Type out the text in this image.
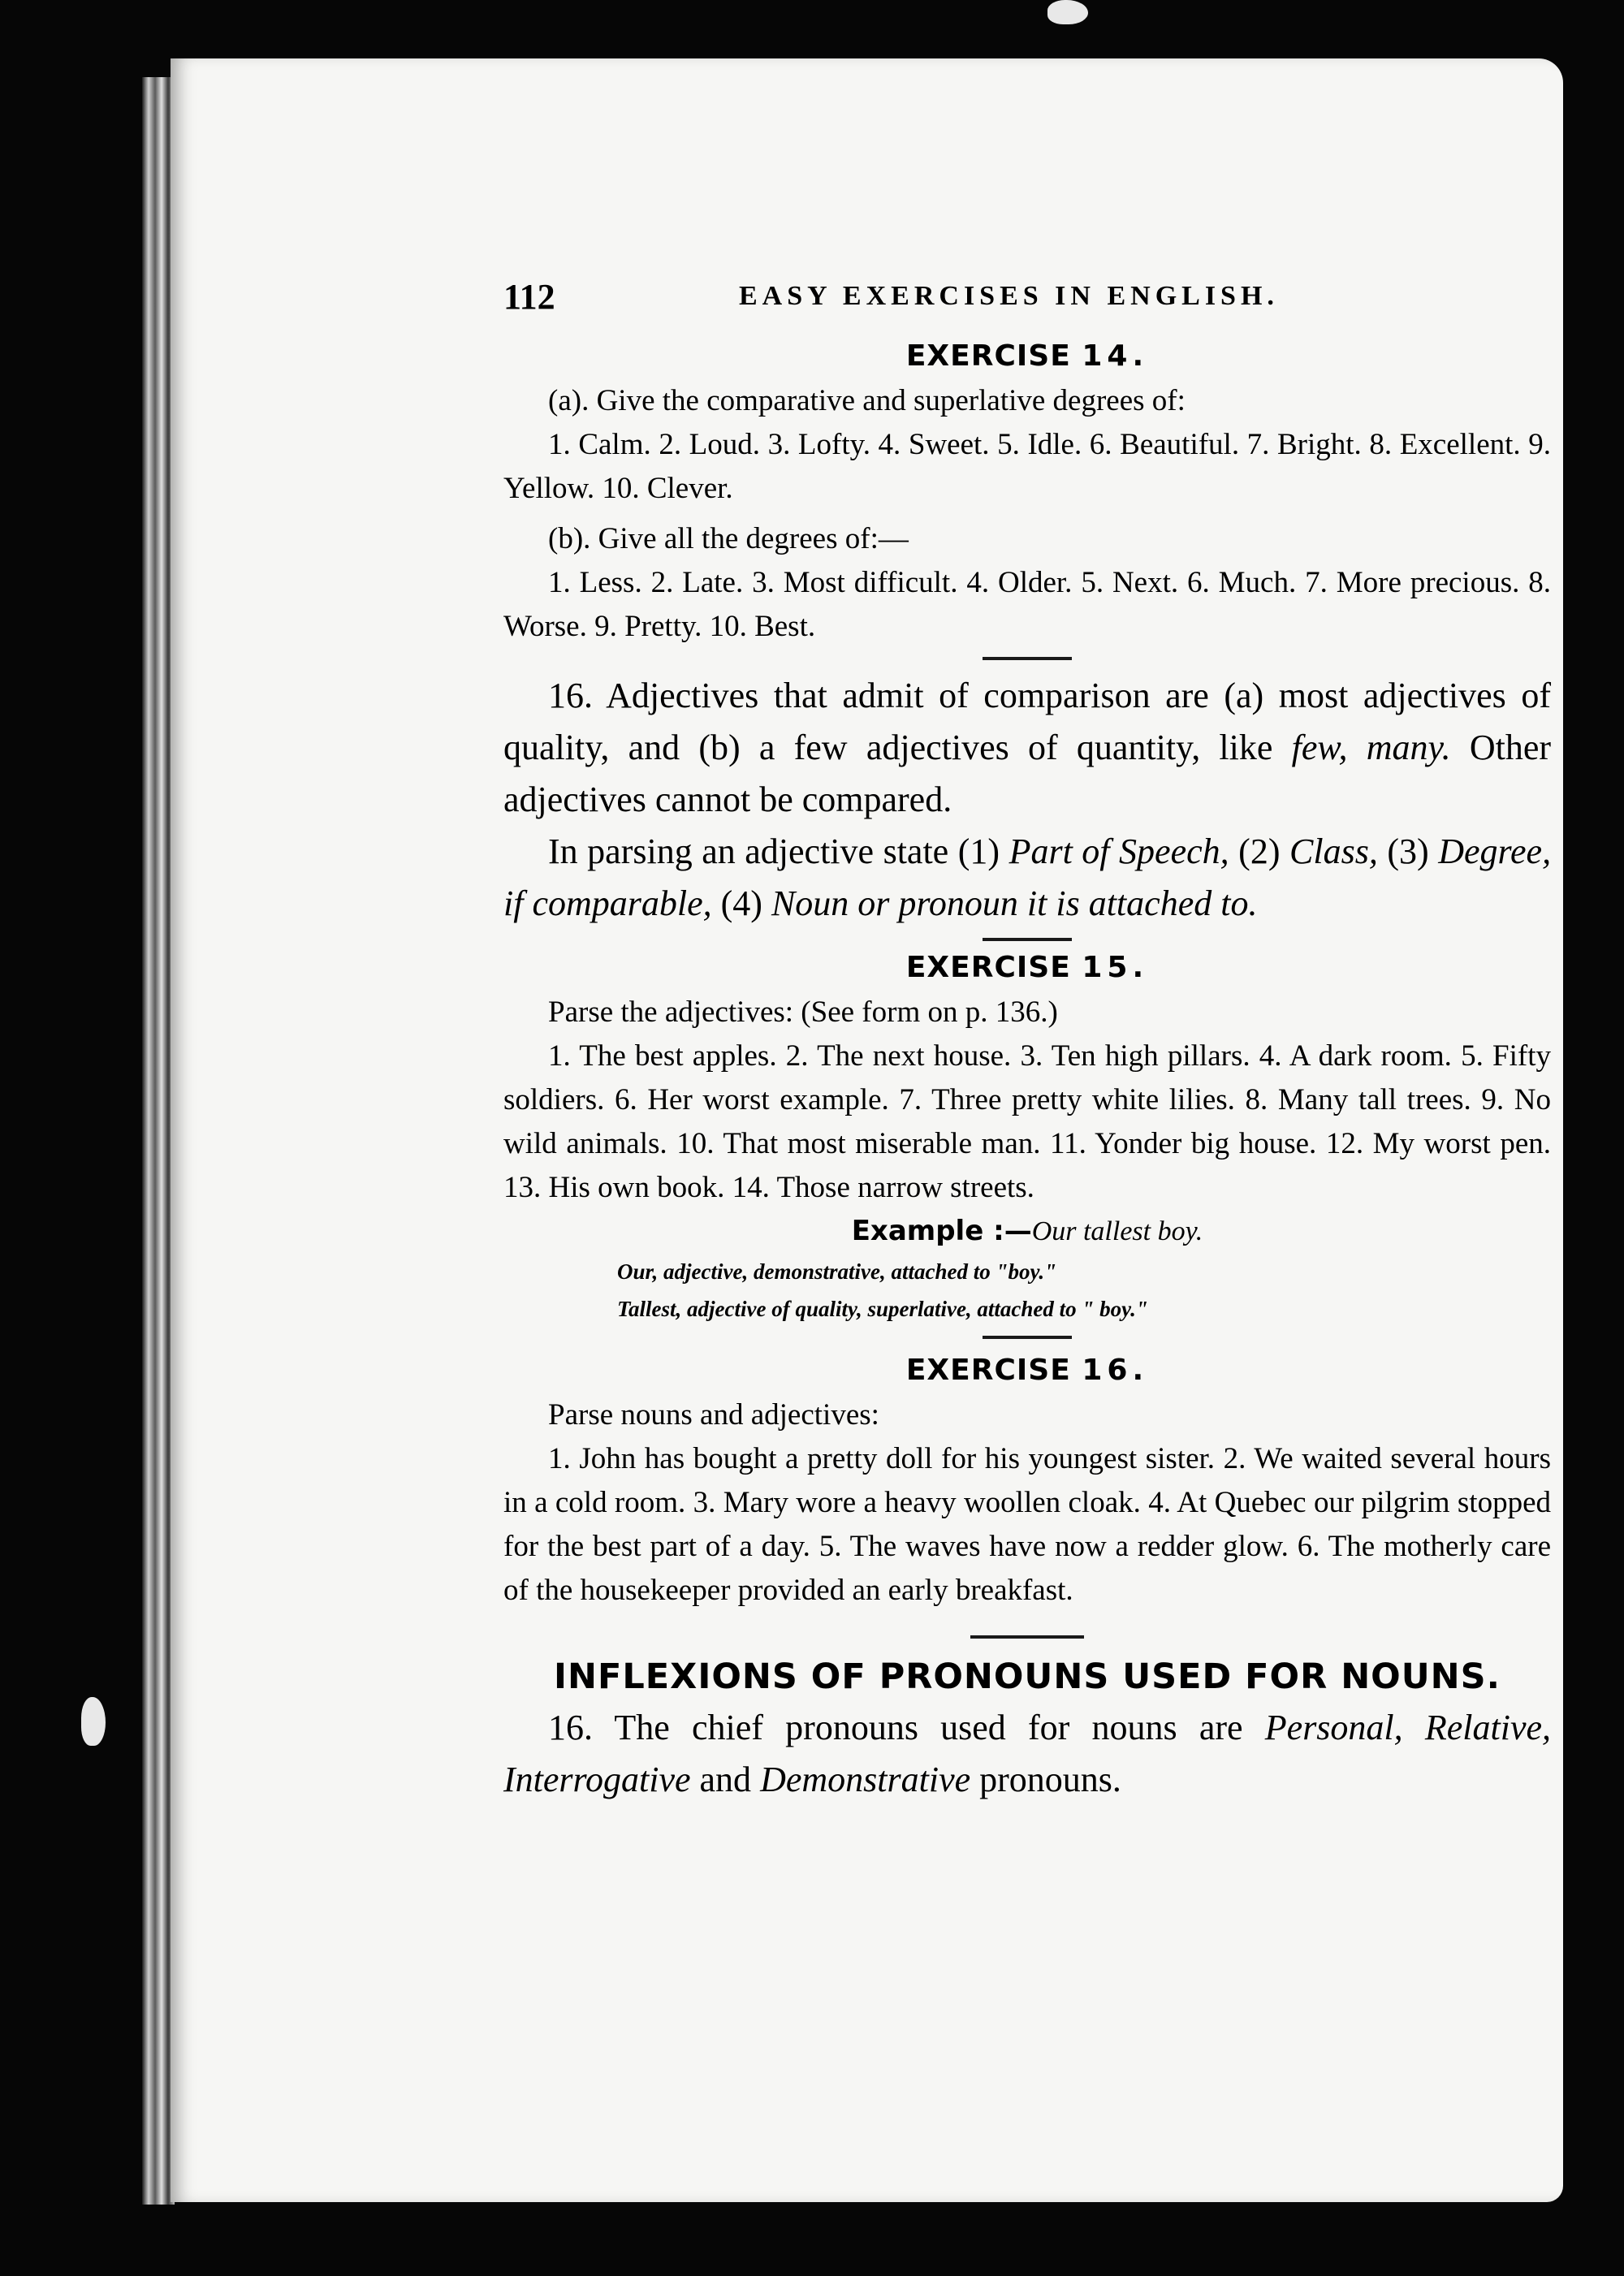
112	EASY EXERCISES IN ENGLISH.
EXERCISE 14.

(a). Give the comparative and superlative degrees of:

1. Calm. 2. Loud. 3. Lofty. 4. Sweet. 5. Idle. 6. Beautiful. 7. Bright. 8. Excellent. 9. Yellow. 10. Clever.

(b). Give all the degrees of:—

1. Less. 2. Late. 3. Most difficult. 4. Older. 5. Next. 6. Much. 7. More precious. 8. Worse. 9. Pretty. 10. Best.

16. Adjectives that admit of comparison are (a) most adjectives of quality, and (b) a few adjectives of quantity, like few, many. Other adjectives cannot be compared.

In parsing an adjective state (1) Part of Speech, (2) Class, (3) Degree, if comparable, (4) Noun or pronoun it is attached to.

EXERCISE 15.

Parse the adjectives: (See form on p. 136.)

1. The best apples. 2. The next house. 3. Ten high pillars. 4. A dark room. 5. Fifty soldiers. 6. Her worst example. 7. Three pretty white lilies. 8. Many tall trees. 9. No wild animals. 10. That most miserable man. 11. Yonder big house. 12. My worst pen. 13. His own book. 14. Those narrow streets.

Example :—Our tallest boy.

Our, adjective, demonstrative, attached to "boy."

Tallest, adjective of quality, superlative, attached to " boy."

EXERCISE 16.

Parse nouns and adjectives:

1. John has bought a pretty doll for his youngest sister. 2. We waited several hours in a cold room. 3. Mary wore a heavy woollen cloak. 4. At Quebec our pilgrim stopped for the best part of a day. 5. The waves have now a redder glow. 6. The motherly care of the housekeeper provided an early breakfast.

INFLEXIONS OF PRONOUNS USED FOR NOUNS.

16. The chief pronouns used for nouns are Personal, Relative, Interrogative and Demonstrative pronouns.
